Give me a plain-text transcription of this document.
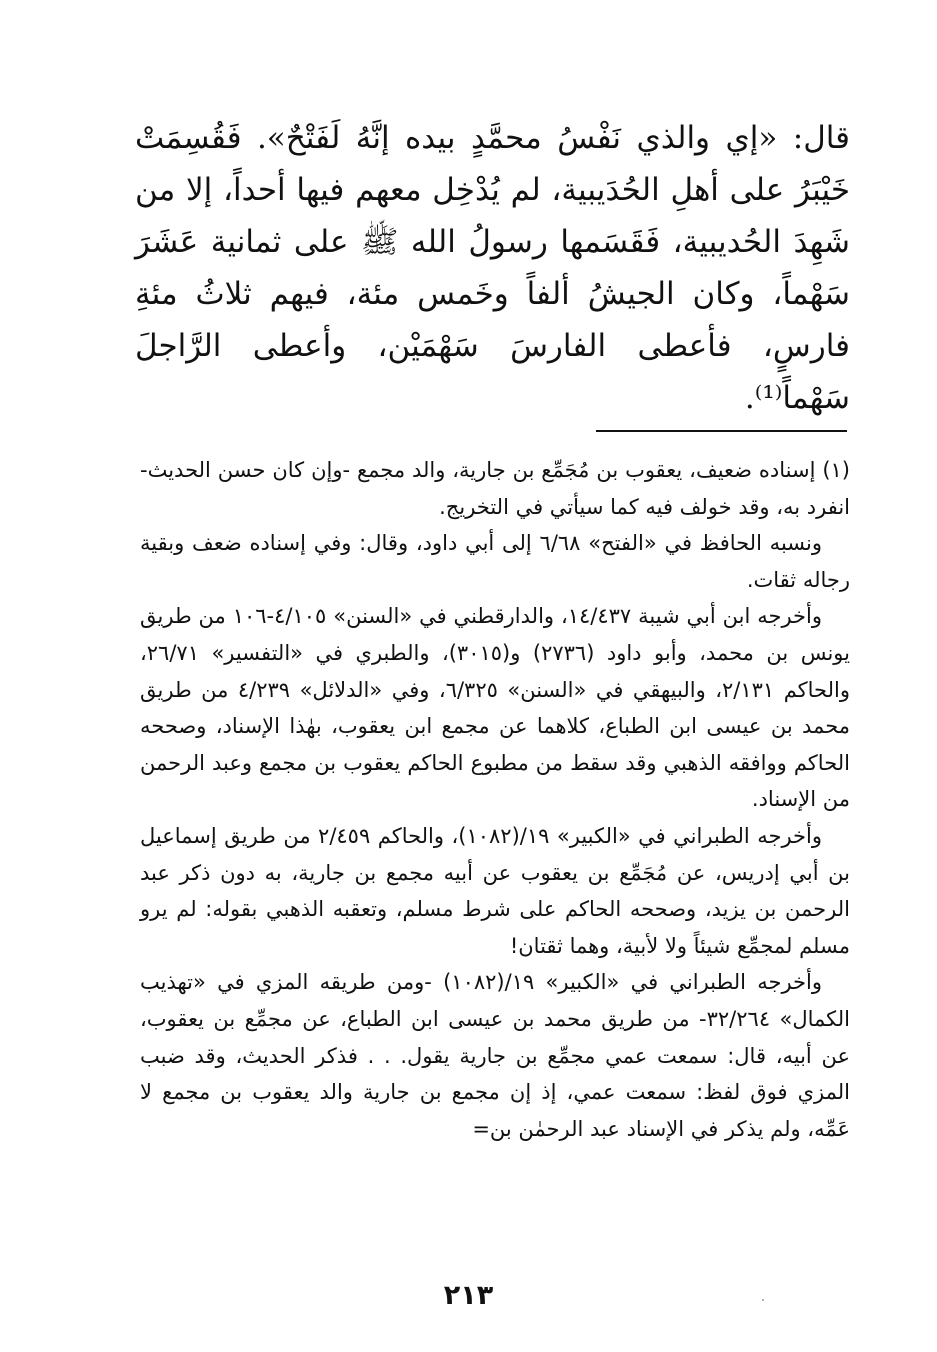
قال: «إي والذي نَفْسُ محمَّدٍ بيده إنَّهُ لَفَتْحٌ». فَقُسِمَتْ خَيْبَرُ على أهلِ الحُدَيبية، لم يُدْخِل معهم فيها أحداً، إلا من شَهِدَ الحُديبية، فَقَسَمها رسولُ الله ﷺ على ثمانية عَشَرَ سَهْماً، وكان الجيشُ ألفاً وخَمس مئة، فيهم ثلاثُ مئةِ فارسٍ، فأعطى الفارسَ سَهْمَيْن، وأعطى الرَّاجلَ سَهْماً⁽¹⁾.

(١) إسناده ضعيف، يعقوب بن مُجَمِّع بن جارية، والد مجمع -وإن كان حسن الحديث- انفرد به، وقد خولف فيه كما سيأتي في التخريج.

ونسبه الحافظ في «الفتح» ٦/٦٨ إلى أبي داود، وقال: وفي إسناده ضعف وبقية رجاله ثقات.

وأخرجه ابن أبي شيبة ١٤/٤٣٧، والدارقطني في «السنن» ٤/١٠٥-١٠٦ من طريق يونس بن محمد، وأبو داود (٢٧٣٦) و(٣٠١٥)، والطبري في «التفسير» ٢٦/٧١، والحاكم ٢/١٣١، والبيهقي في «السنن» ٦/٣٢٥، وفي «الدلائل» ٤/٢٣٩ من طريق محمد بن عيسى ابن الطباع، كلاهما عن مجمع ابن يعقوب، بهٰذا الإسناد، وصححه الحاكم ووافقه الذهبي وقد سقط من مطبوع الحاكم يعقوب بن مجمع وعبد الرحمن من الإسناد.

وأخرجه الطبراني في «الكبير» ١٩/(١٠٨٢)، والحاكم ٢/٤٥٩ من طريق إسماعيل بن أبي إدريس، عن مُجَمِّع بن يعقوب عن أبيه مجمع بن جارية، به دون ذكر عبد الرحمن بن يزيد، وصححه الحاكم على شرط مسلم، وتعقبه الذهبي بقوله: لم يرو مسلم لمجمِّع شيئاً ولا لأبية، وهما ثقتان!

وأخرجه الطبراني في «الكبير» ١٩/(١٠٨٢) -ومن طريقه المزي في «تهذيب الكمال» ٣٢/٢٦٤- من طريق محمد بن عيسى ابن الطباع، عن مجمِّع بن يعقوب، عن أبيه، قال: سمعت عمي مجمِّع بن جارية يقول. . . فذكر الحديث، وقد ضبب المزي فوق لفظ: سمعت عمي، إذ إن مجمع بن جارية والد يعقوب بن مجمع لا عَمِّه، ولم يذكر في الإسناد عبد الرحمٰن بن=

٢١٣
